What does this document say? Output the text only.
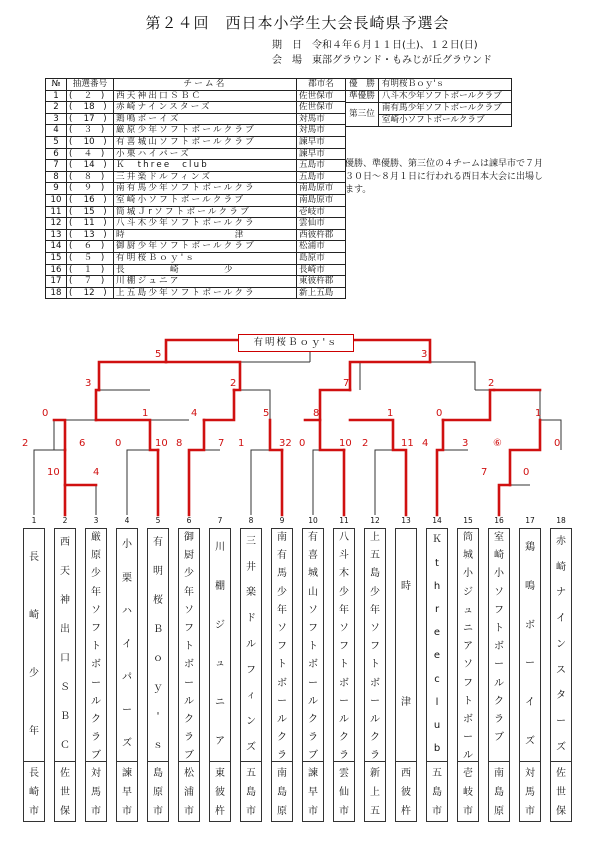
第２４回　西日本小学生大会長崎県予選会
期　日　 令和４年６月１１日(土)、１２日(日)
会　場　 東部グラウンド・もみじが丘グラウンド
№	抽選番号	チーム名	郡市名
1	( 　２　)	西天神出口ＳＢＣ	佐世保市
2	( 　18　)	赤崎ナインスターズ	佐世保市
3	( 　17　)	鶏鳴ボーイズ	対馬市
4	( 　３　)	厳原少年ソフトボールクラブ	対馬市
5	( 　10　)	有喜城山ソフトボールクラブ	諫早市
6	( 　４　)	小栗ハイパーズ	諫早市
7	( 　14　)	Ｋ　three　club	五島市
8	( 　８　)	三井楽ドルフィンズ	五島市
9	( 　９　)	南有馬少年ソフトボールクラ	南島原市
10	( 　16　)	室崎小ソフトボールクラブ	南島原市
11	( 　15　)	筒城Ｊrソフトボールクラブ	壱岐市
12	( 　11　)	八斗木少年ソフトボールクラ	雲仙市
13	( 　13　)	時　　　　　　　　　　津	西彼杵郡
14	( 　６　)	御厨少年ソフトボールクラブ	松浦市
15	( 　５　)	有明桜Ｂｏｙ'ｓ	島原市
16	( 　１　)	長　　　　崎　　　　少	長崎市
17	( 　７　)	川棚ジュニア	東彼杵郡
18	( 　12　)	上五島少年ソフトボールクラ	新上五島
優　勝	有明桜Ｂｏｙ'ｓ
準優勝	八斗木少年ソフトボールクラブ
第三位	南有馬少年ソフトボールクラブ
	室崎小ソフトボールクラブ
優勝、準優勝、第三位の４チームは諫早市で７月３０日～８月１日に行われる西日本大会に出場します。
有明桜Ｂｏｙ'ｓ
5	3
3	2	7	2
0	1	4	5	8	1	0	1
2	6	0	10 8	7 1	32 0	10 2	11 4	3 ⑥	0
10	4	7	0
1
長
崎
少
年
長
崎
市
2
西
天
神
出
口
Ｓ
Ｂ
Ｃ
佐
世
保
3
厳
原
少
年
ソ
フ
ト
ボ
ー
ル
ク
ラ
ブ
対
馬
市
4
小
栗
ハ
イ
パ
ー
ズ
諫
早
市
5
有
明
桜
Ｂ
ｏ
ｙ
'
ｓ
島
原
市
6
御
厨
少
年
ソ
フ
ト
ボ
ー
ル
ク
ラ
ブ
松
浦
市
7
川
棚
ジ
ュ
ニ
ア
東
彼
杵
8
三
井
楽
ド
ル
フ
ィ
ン
ズ
五
島
市
9
南
有
馬
少
年
ソ
フ
ト
ボ
ー
ル
ク
ラ
南
島
原
10
有
喜
城
山
ソ
フ
ト
ボ
ー
ル
ク
ラ
ブ
諫
早
市
11
八
斗
木
少
年
ソ
フ
ト
ボ
ー
ル
ク
ラ
雲
仙
市
12
上
五
島
少
年
ソ
フ
ト
ボ
ー
ル
ク
ラ
新
上
五
13
時
津
西
彼
杵
14
Ｋ
t
h
r
e
e
c
l
u
b
五
島
市
15
筒
城
小
ジ
ュ
ニ
ア
ソ
フ
ト
ボ
ー
ル
壱
岐
市
16
室
崎
小
ソ
フ
ト
ボ
ー
ル
ク
ラ
ブ
南
島
原
17
鶏
鳴
ボ
ー
イ
ズ
対
馬
市
18
赤
崎
ナ
イ
ン
ス
タ
ー
ズ
佐
世
保
